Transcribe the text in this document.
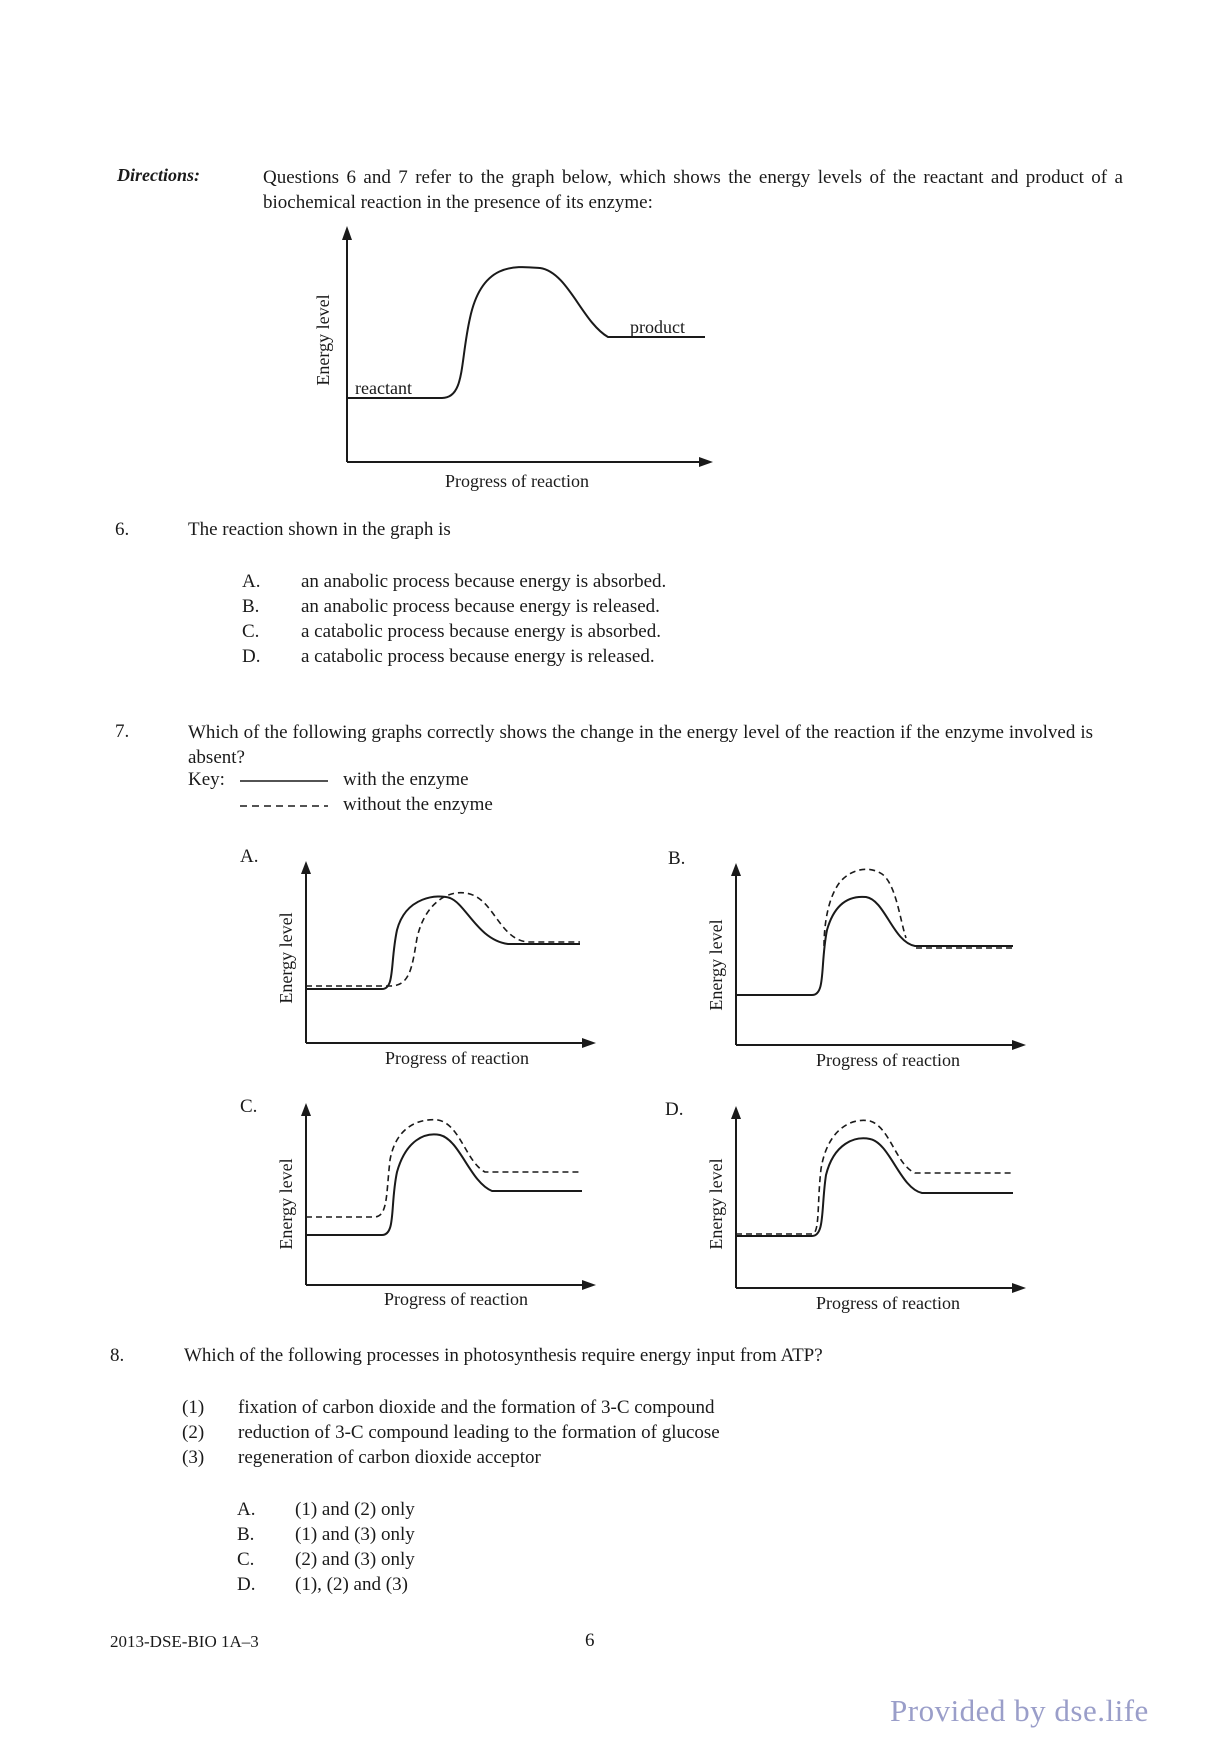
Directions:	Questions 6 and 7 refer to the graph below, which shows the energy levels of the reactant and product of a biochemical reaction in the presence of its enzyme:
Energy level
reactant
product
Progress of reaction
6.	The reaction shown in the graph is
A. an anabolic process because energy is absorbed.
B. an anabolic process because energy is released.
C. a catabolic process because energy is absorbed.
D. a catabolic process because energy is released.
7.	Which of the following graphs correctly shows the change in the energy level of the reaction if the enzyme involved is absent?
Key:	with the enzyme
without the enzyme
A.
Energy level
Progress of reaction
B.
Energy level
Progress of reaction
C.
Energy level
Progress of reaction
D.
Energy level
Progress of reaction
8.	Which of the following processes in photosynthesis require energy input from ATP?
(1) fixation of carbon dioxide and the formation of 3-C compound
(2) reduction of 3-C compound leading to the formation of glucose
(3) regeneration of carbon dioxide acceptor
A. (1) and (2) only
B. (1) and (3) only
C. (2) and (3) only
D. (1), (2) and (3)
2013-DSE-BIO 1A–3	6
Provided by dse.life
